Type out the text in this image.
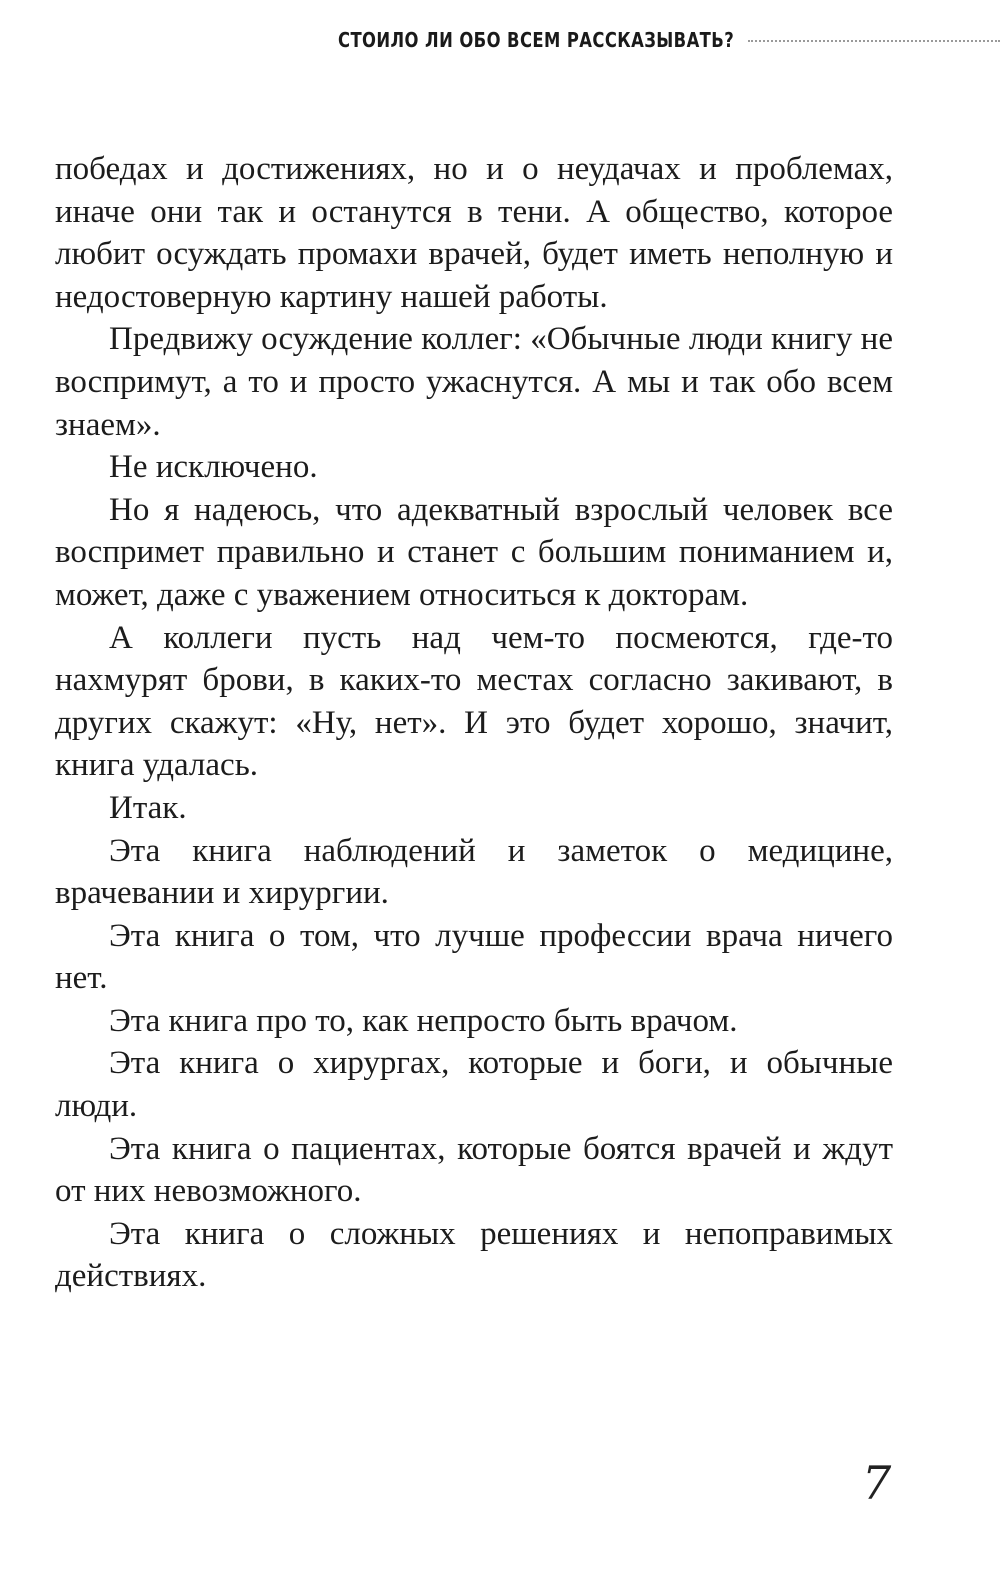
СТОИЛО ЛИ ОБО ВСЕМ РАССКАЗЫВАТЬ?

победах и достижениях, но и о неудачах и проблемах, иначе они так и останутся в тени. А общество, которое любит осуждать промахи врачей, будет иметь неполную и недостоверную картину нашей работы.

Предвижу осуждение коллег: «Обычные люди книгу не воспримут, а то и просто ужаснутся. А мы и так обо всем знаем».

Не исключено.

Но я надеюсь, что адекватный взрослый человек все воспримет правильно и станет с большим пониманием и, может, даже с уважением относиться к докторам.

А коллеги пусть над чем-то посмеются, где-то нахмурят брови, в каких-то местах согласно закивают, в других скажут: «Ну, нет». И это будет хорошо, значит, книга удалась.

Итак.

Эта книга наблюдений и заметок о медицине, врачевании и хирургии.

Эта книга о том, что лучше профессии врача ничего нет.

Эта книга про то, как непросто быть врачом.

Эта книга о хирургах, которые и боги, и обычные люди.

Эта книга о пациентах, которые боятся врачей и ждут от них невозможного.

Эта книга о сложных решениях и непоправимых действиях.

7
